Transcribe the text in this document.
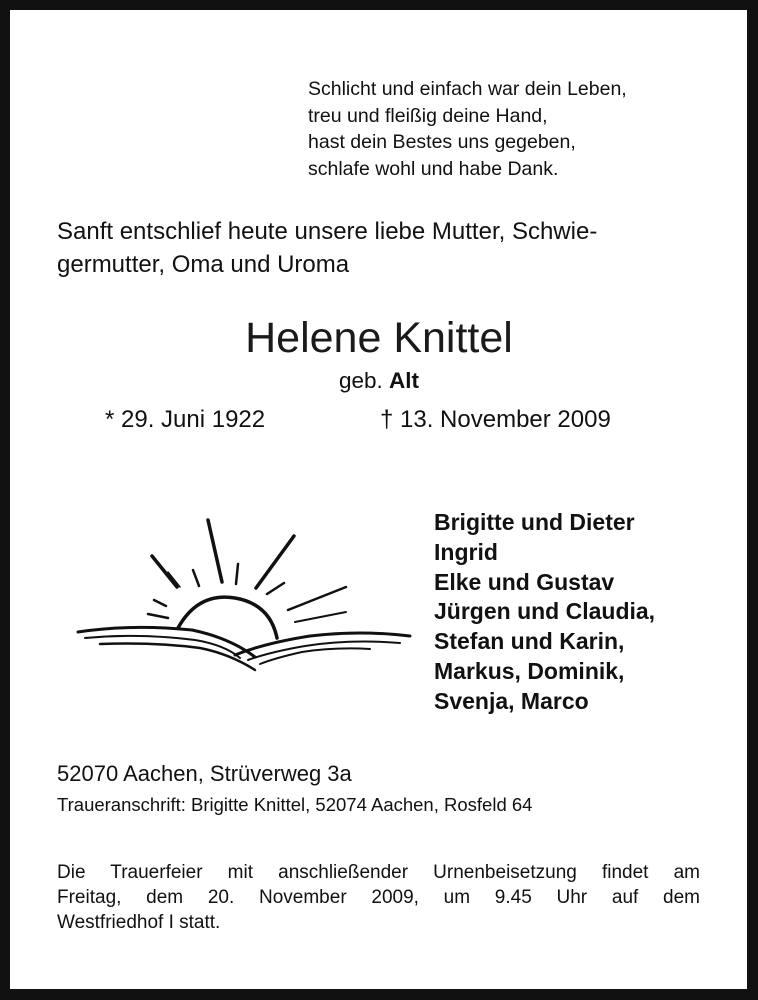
Schlicht und einfach war dein Leben,
treu und fleißig deine Hand,
hast dein Bestes uns gegeben,
schlafe wohl und habe Dank.
Sanft entschlief heute unsere liebe Mutter, Schwie-
germutter, Oma und Uroma
Helene Knittel
geb. Alt
* 29. Juni 1922	† 13. November 2009
Brigitte und Dieter
Ingrid
Elke und Gustav
Jürgen und Claudia,
Stefan und Karin,
Markus, Dominik,
Svenja, Marco
52070 Aachen, Strüverweg 3a
Traueranschrift: Brigitte Knittel, 52074 Aachen, Rosfeld 64
Die Trauerfeier mit anschließender Urnenbeisetzung findet am
Freitag, dem 20. November 2009, um 9.45 Uhr auf dem
Westfriedhof I statt.
